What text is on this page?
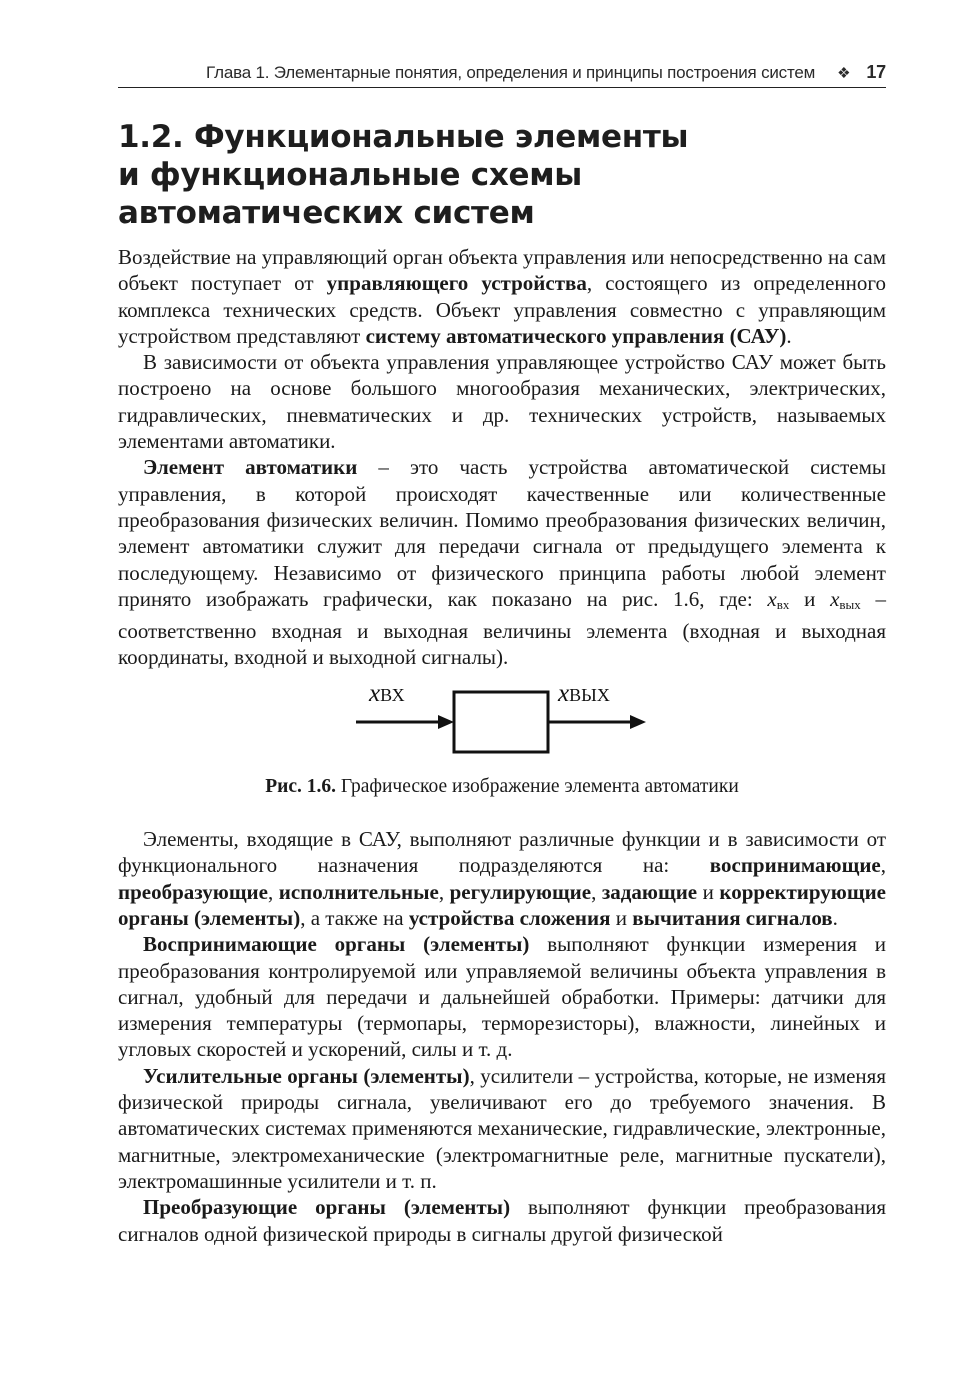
Глава 1. Элементарные понятия, определения и принципы построения систем ❖ 17
1.2. Функциональные элементы
и функциональные схемы
автоматических систем

Воздействие на управляющий орган объекта управления или непосредственно на сам объект поступает от управляющего устройства, состоящего из определенного комплекса технических средств. Объект управления совместно с управляющим устройством представляют систему автоматического управления (САУ).

В зависимости от объекта управления управляющее устройство САУ может быть построено на основе большого многообразия механических, электрических, гидравлических, пневматических и др. технических устройств, называемых элементами автоматики.

Элемент автоматики – это часть устройства автоматической системы управления, в которой происходят качественные или количественные преобразования физических величин. Помимо преобразования физических величин, элемент автоматики служит для передачи сигнала от предыдущего элемента к последующему. Независимо от физического принципа работы любой элемент принято изображать графически, как показано на рис. 1.6, где: xвх и xвых – соответственно входная и выходная величины элемента (входная и выходная координаты, входной и выходной сигналы).

xВХ	xВЫХ
Рис. 1.6. Графическое изображение элемента автоматики

Элементы, входящие в САУ, выполняют различные функции и в зависимости от функционального назначения подразделяются на: воспринимающие, преобразующие, исполнительные, регулирующие, задающие и корректирующие органы (элементы), а также на устройства сложения и вычитания сигналов.

Воспринимающие органы (элементы) выполняют функции измерения и преобразования контролируемой или управляемой величины объекта управления в сигнал, удобный для передачи и дальнейшей обработки. Примеры: датчики для измерения температуры (термопары, терморезисторы), влажности, линейных и угловых скоростей и ускорений, силы и т. д.

Усилительные органы (элементы), усилители – устройства, которые, не изменяя физической природы сигнала, увеличивают его до требуемого значения. В автоматических системах применяются механические, гидравлические, электронные, магнитные, электромеханические (электромагнитные реле, магнитные пускатели), электромашинные усилители и т. п.

Преобразующие органы (элементы) выполняют функции преобразования сигналов одной физической природы в сигналы другой физической
